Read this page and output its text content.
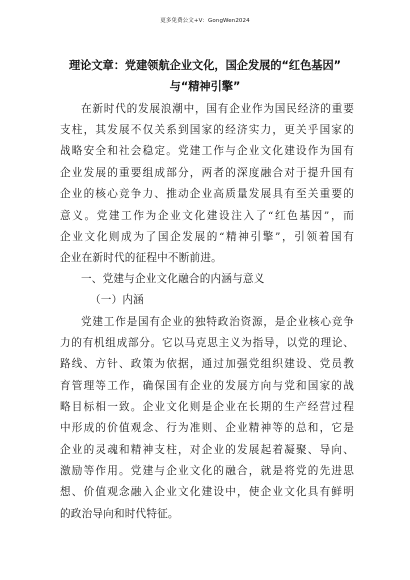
更多免费公文+V：GongWen2024
理论文章：党建领航企业文化，国企发展的“红色基因”
与“精神引擎”
在新时代的发展浪潮中，国有企业作为国民经济的重要
支柱，其发展不仅关系到国家的经济实力，更关乎国家的
战略安全和社会稳定。党建工作与企业文化建设作为国有
企业发展的重要组成部分，两者的深度融合对于提升国有
企业的核心竞争力、推动企业高质量发展具有至关重要的
意义。党建工作为企业文化建设注入了“红色基因”，而
企业文化则成为了国企发展的“精神引擎”，引领着国有
企业在新时代的征程中不断前进。
一、党建与企业文化融合的内涵与意义
（一）内涵
党建工作是国有企业的独特政治资源，是企业核心竞争
力的有机组成部分。它以马克思主义为指导，以党的理论、
路线、方针、政策为依据，通过加强党组织建设、党员教
育管理等工作，确保国有企业的发展方向与党和国家的战
略目标相一致。企业文化则是企业在长期的生产经营过程
中形成的价值观念、行为准则、企业精神等的总和，它是
企业的灵魂和精神支柱，对企业的发展起着凝聚、导向、
激励等作用。党建与企业文化的融合，就是将党的先进思
想、价值观念融入企业文化建设中，使企业文化具有鲜明
的政治导向和时代特征。
